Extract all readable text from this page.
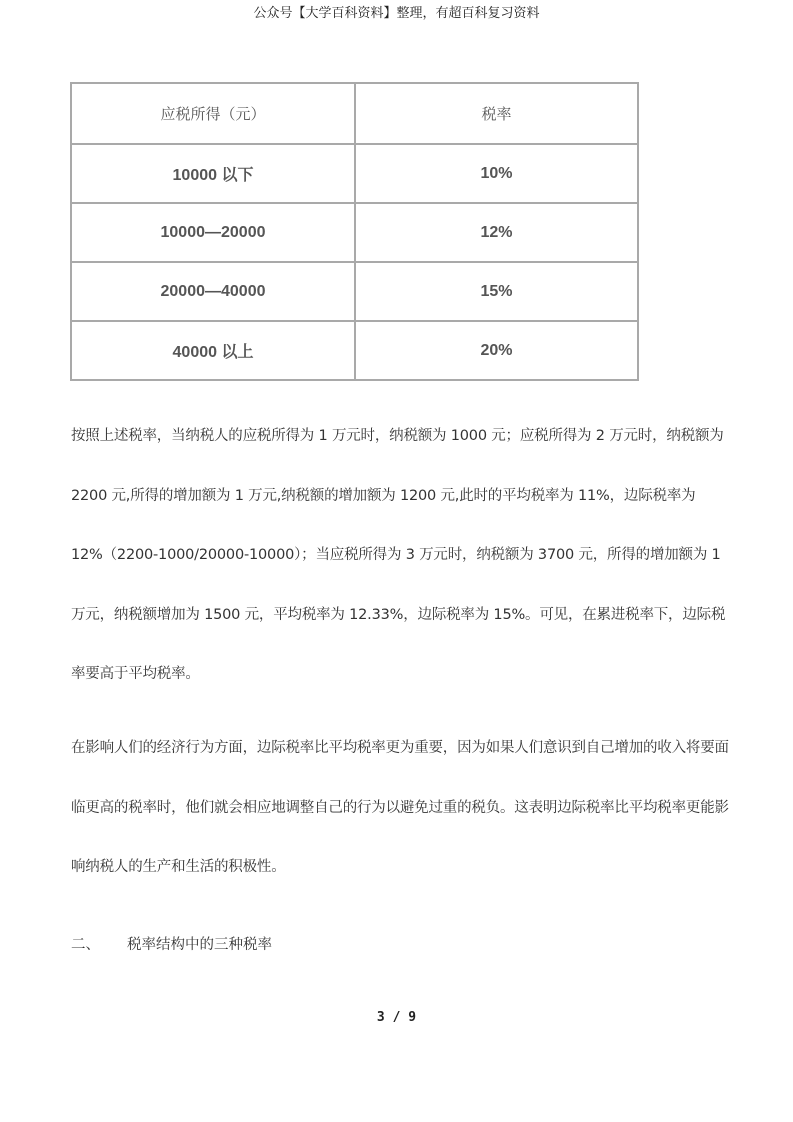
公众号【大学百科资料】整理，有超百科复习资料
应税所得（元）	税率
10000 以下	10%
10000—20000	12%
20000—40000	15%
40000 以上	20%

按照上述税率，当纳税人的应税所得为 1 万元时，纳税额为 1000 元；应税所得为 2 万元时，纳税额为 2200 元,所得的增加额为 1 万元,纳税额的增加额为 1200 元,此时的平均税率为 11%，边际税率为 12%（2200-1000/20000-10000）；当应税所得为 3 万元时，纳税额为 3700 元，所得的增加额为 1 万元，纳税额增加为 1500 元，平均税率为 12.33%，边际税率为 15%。可见，在累进税率下，边际税率要高于平均税率。

在影响人们的经济行为方面，边际税率比平均税率更为重要，因为如果人们意识到自己增加的收入将要面临更高的税率时，他们就会相应地调整自己的行为以避免过重的税负。这表明边际税率比平均税率更能影响纳税人的生产和生活的积极性。

二、 税率结构中的三种税率
3 / 9
